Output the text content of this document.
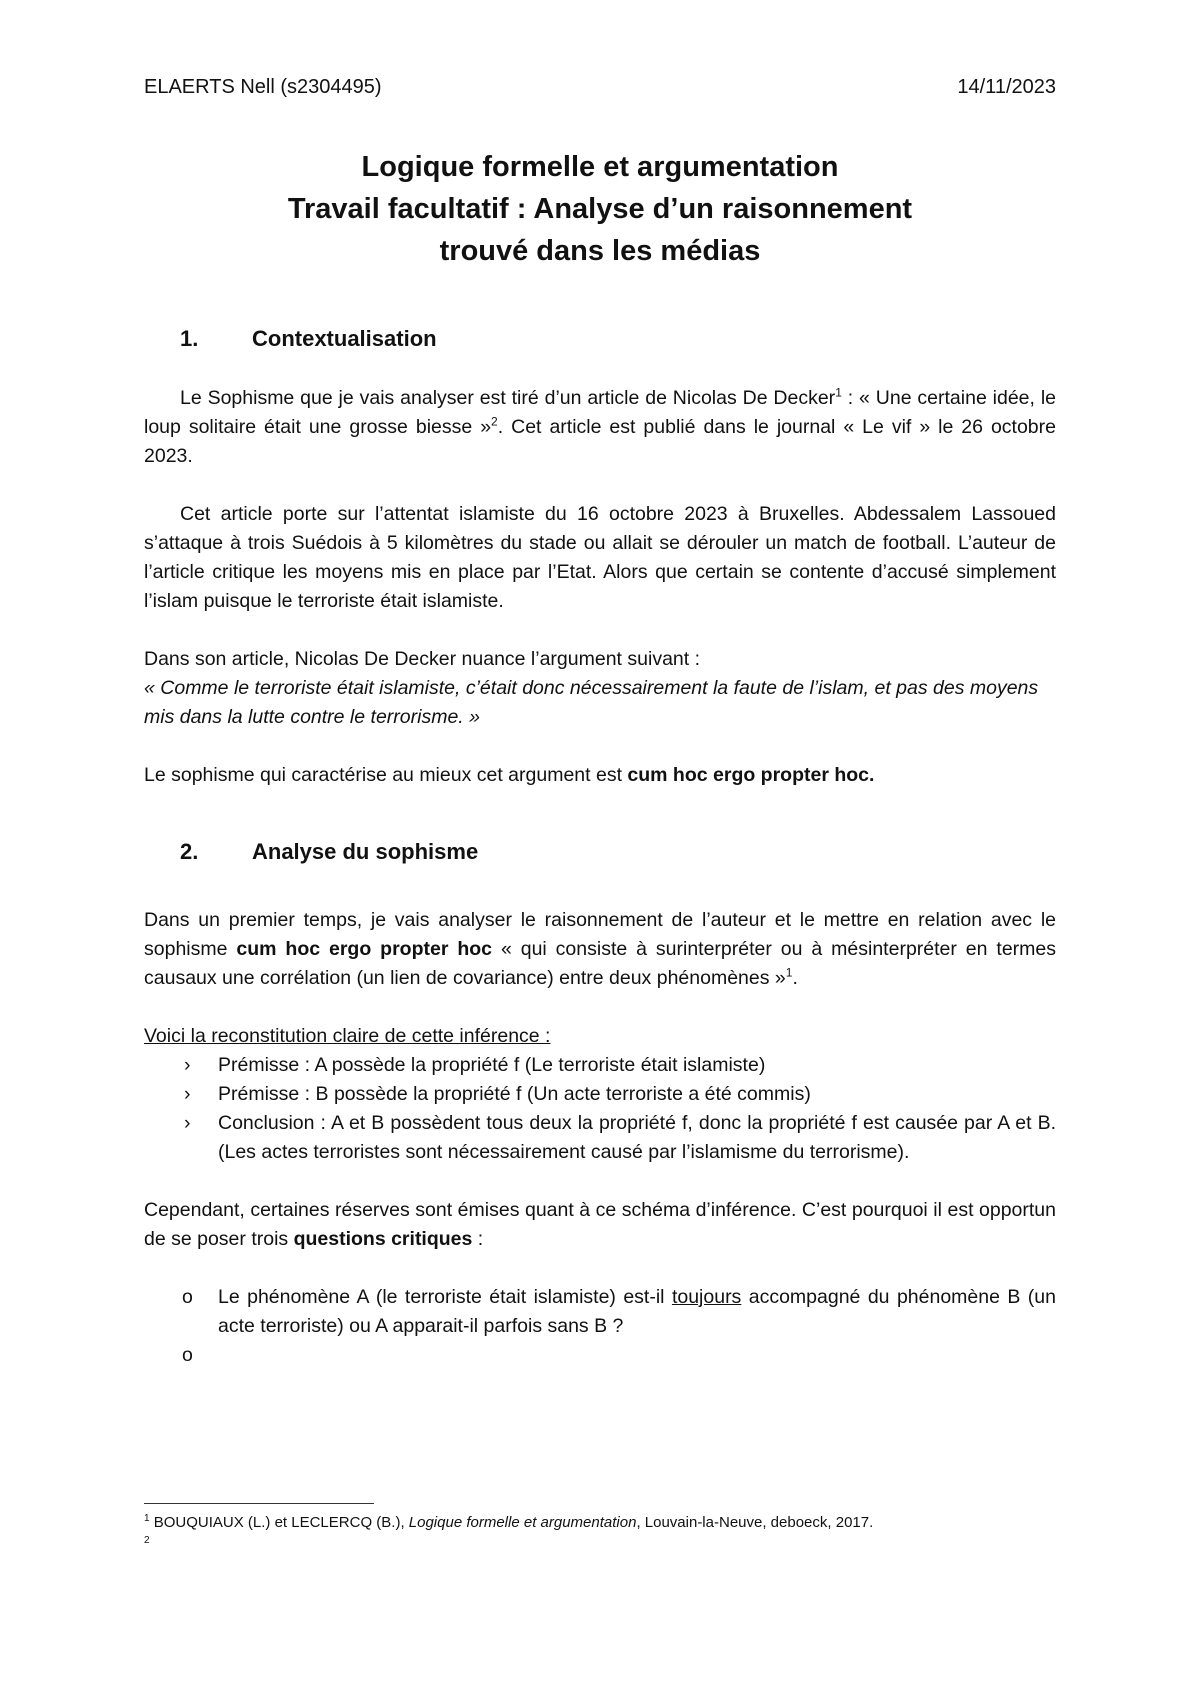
ELAERTS Nell (s2304495)	14/11/2023
Logique formelle et argumentation
Travail facultatif : Analyse d’un raisonnement
trouvé dans les médias
1. Contextualisation

Le Sophisme que je vais analyser est tiré d’un article de Nicolas De Decker$^1$ : « Une certaine idée, le loup solitaire était une grosse biesse »$^2$. Cet article est publié dans le journal « Le vif » le 26 octobre 2023.

Cet article porte sur l’attentat islamiste du 16 octobre 2023 à Bruxelles. Abdessalem Lassoued s’attaque à trois Suédois à 5 kilomètres du stade ou allait se dérouler un match de football. L’auteur de l’article critique les moyens mis en place par l’Etat. Alors que certain se contente d’accusé simplement l’islam puisque le terroriste était islamiste.

Dans son article, Nicolas De Decker nuance l’argument suivant :

« Comme le terroriste était islamiste, c’était donc nécessairement la faute de l’islam, et pas des moyens mis dans la lutte contre le terrorisme. »

Le sophisme qui caractérise au mieux cet argument est cum hoc ergo propter hoc.

2. Analyse du sophisme

Dans un premier temps, je vais analyser le raisonnement de l’auteur et le mettre en relation avec le sophisme cum hoc ergo propter hoc « qui consiste à surinterpréter ou à mésinterpréter en termes causaux une corrélation (un lien de covariance) entre deux phénomènes »$^1$.

Voici la reconstitution claire de cette inférence :

› Prémisse : A possède la propriété f (Le terroriste était islamiste)
› Prémisse : B possède la propriété f (Un acte terroriste a été commis)
› Conclusion : A et B possèdent tous deux la propriété f, donc la propriété f est causée par A et B. (Les actes terroristes sont nécessairement causé par l’islamisme du terrorisme).

Cependant, certaines réserves sont émises quant à ce schéma d’inférence. C’est pourquoi il est opportun de se poser trois questions critiques :

o Le phénomène A (le terroriste était islamiste) est-il toujours accompagné du phénomène B (un acte terroriste) ou A apparait-il parfois sans B ?
o
$^1$ BOUQUIAUX (L.) et LECLERCQ (B.), Logique formelle et argumentation, Louvain-la-Neuve, deboeck, 2017.
$^2$
